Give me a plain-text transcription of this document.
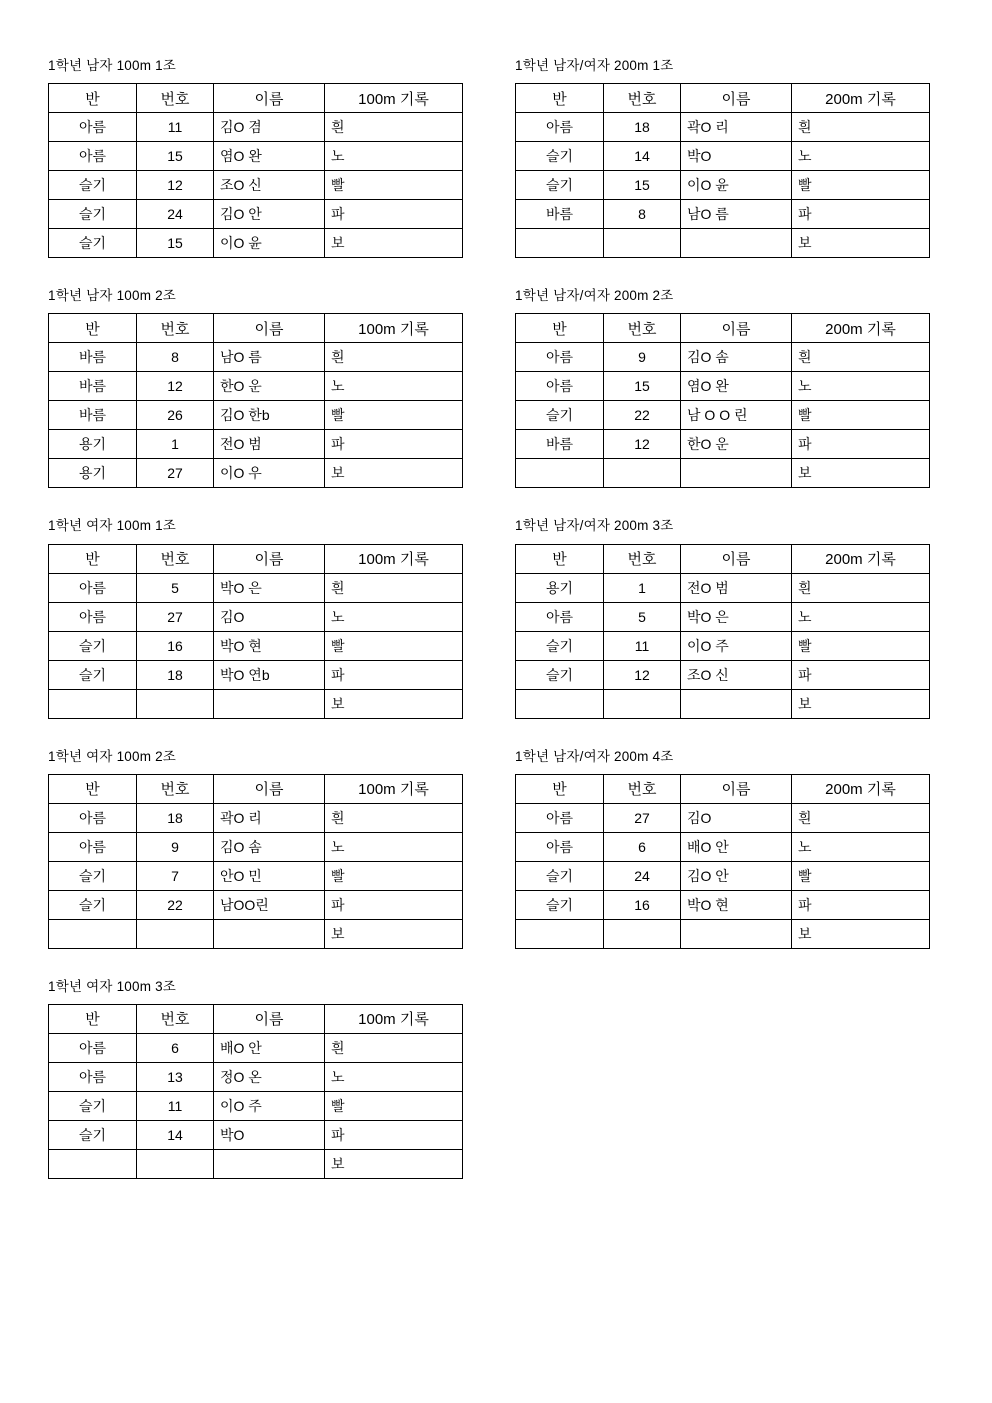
1학년 남자 100m 1조
반	번호	이름	100m 기록
아름	11	김O 겸	흰
아름	15	염O 완	노
슬기	12	조O 신	빨
슬기	24	김O 안	파
슬기	15	이O 윤	보
1학년 남자 100m 2조
반	번호	이름	100m 기록
바름	8	남O 름	흰
바름	12	한O 운	노
바름	26	김O 한b	빨
용기	1	전O 범	파
용기	27	이O 우	보
1학년 여자 100m 1조
반	번호	이름	100m 기록
아름	5	박O 은	흰
아름	27	김O	노
슬기	16	박O 현	빨
슬기	18	박O 연b	파
			보
1학년 여자 100m 2조
반	번호	이름	100m 기록
아름	18	곽O 리	흰
아름	9	김O 솜	노
슬기	7	안O 민	빨
슬기	22	남OO린	파
			보
1학년 여자 100m 3조
반	번호	이름	100m 기록
아름	6	배O 안	흰
아름	13	정O 온	노
슬기	11	이O 주	빨
슬기	14	박O	파
			보
1학년 남자/여자 200m 1조
반	번호	이름	200m 기록
아름	18	곽O 리	흰
슬기	14	박O	노
슬기	15	이O 윤	빨
바름	8	남O 름	파
			보
1학년 남자/여자 200m 2조
반	번호	이름	200m 기록
아름	9	김O 솜	흰
아름	15	염O 완	노
슬기	22	남 O O 린	빨
바름	12	한O 운	파
			보
1학년 남자/여자 200m 3조
반	번호	이름	200m 기록
용기	1	전O 범	흰
아름	5	박O 은	노
슬기	11	이O 주	빨
슬기	12	조O 신	파
			보
1학년 남자/여자 200m 4조
반	번호	이름	200m 기록
아름	27	김O	흰
아름	6	배O 안	노
슬기	24	김O 안	빨
슬기	16	박O 현	파
			보
